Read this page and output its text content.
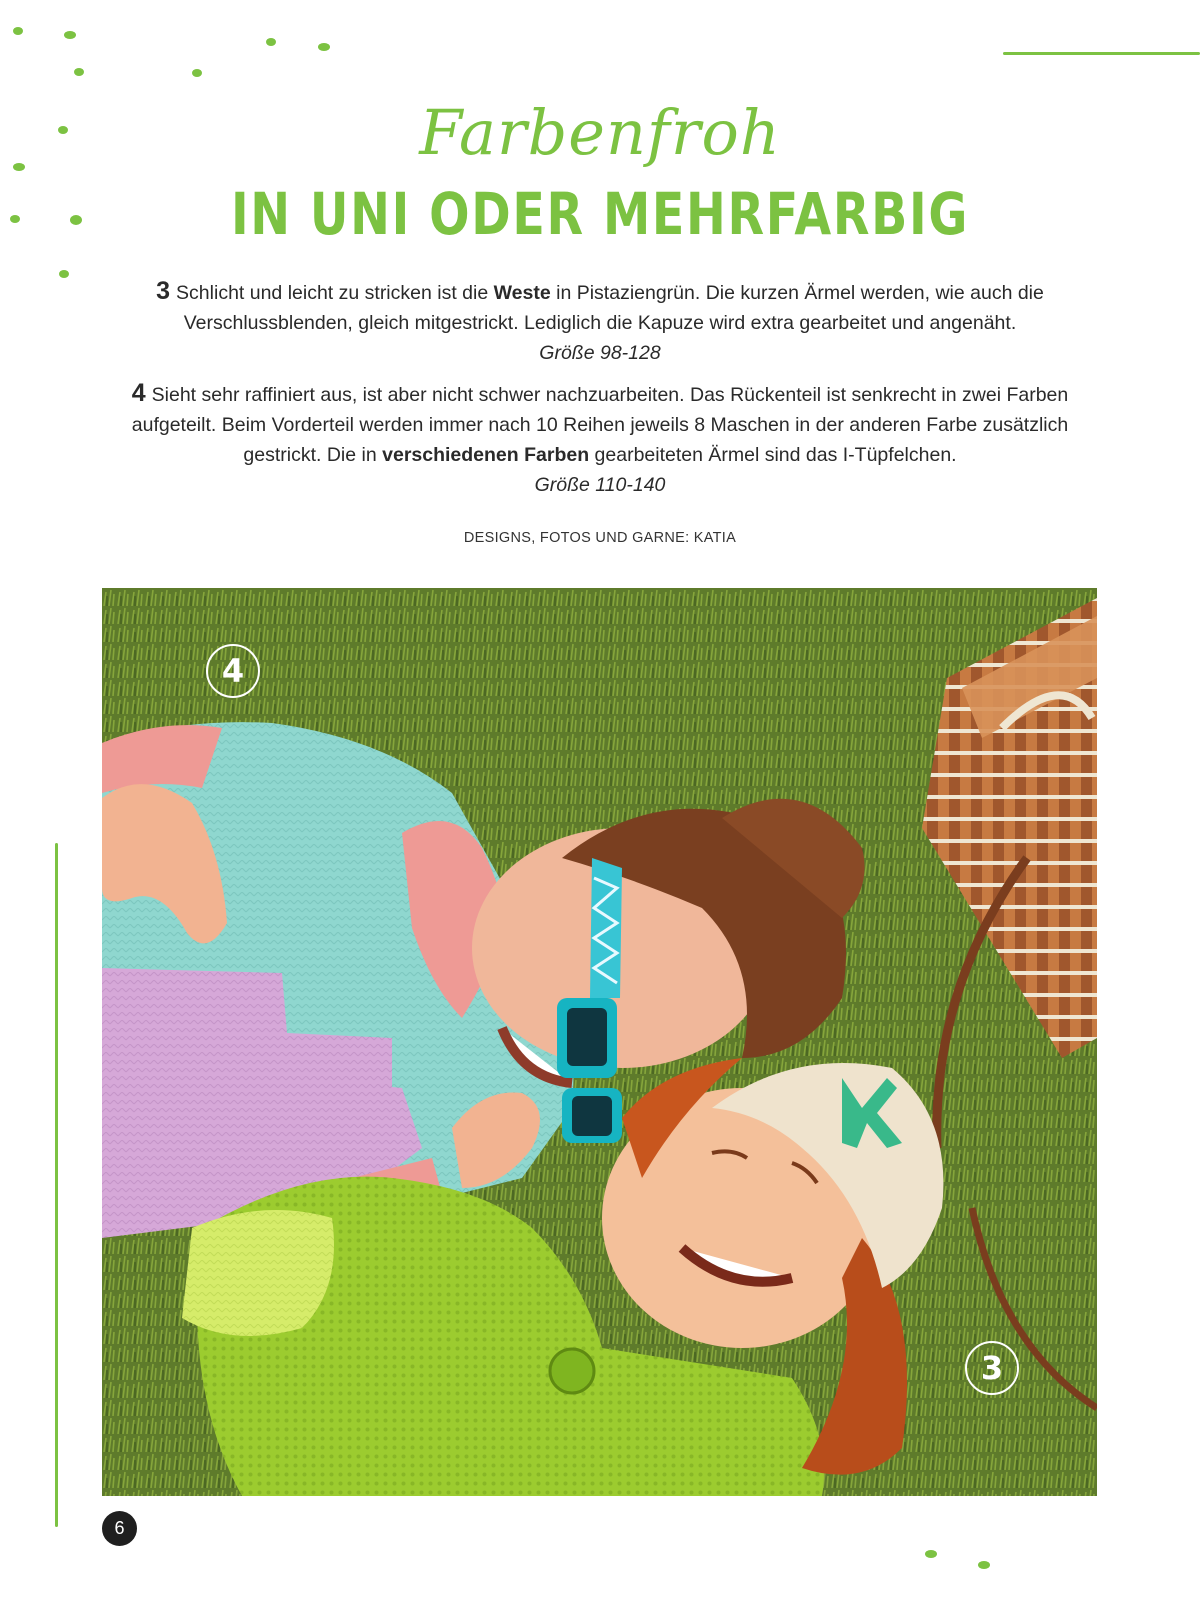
Farbenfroh
IN UNI ODER MEHRFARBIG
3 Schlicht und leicht zu stricken ist die Weste in Pistaziengrün. Die kurzen Ärmel werden, wie auch die Verschlussblenden, gleich mitgestrickt. Lediglich die Kapuze wird extra gearbeitet und angenäht.
Größe 98-128
4 Sieht sehr raffiniert aus, ist aber nicht schwer nachzuarbeiten. Das Rückenteil ist senkrecht in zwei Farben aufgeteilt. Beim Vorderteil werden immer nach 10 Reihen jeweils 8 Maschen in der anderen Farbe zusätzlich gestrickt. Die in verschiedenen Farben gearbeiteten Ärmel sind das I-Tüpfelchen.
Größe 110-140
DESIGNS, FOTOS UND GARNE: KATIA
4
3
6
